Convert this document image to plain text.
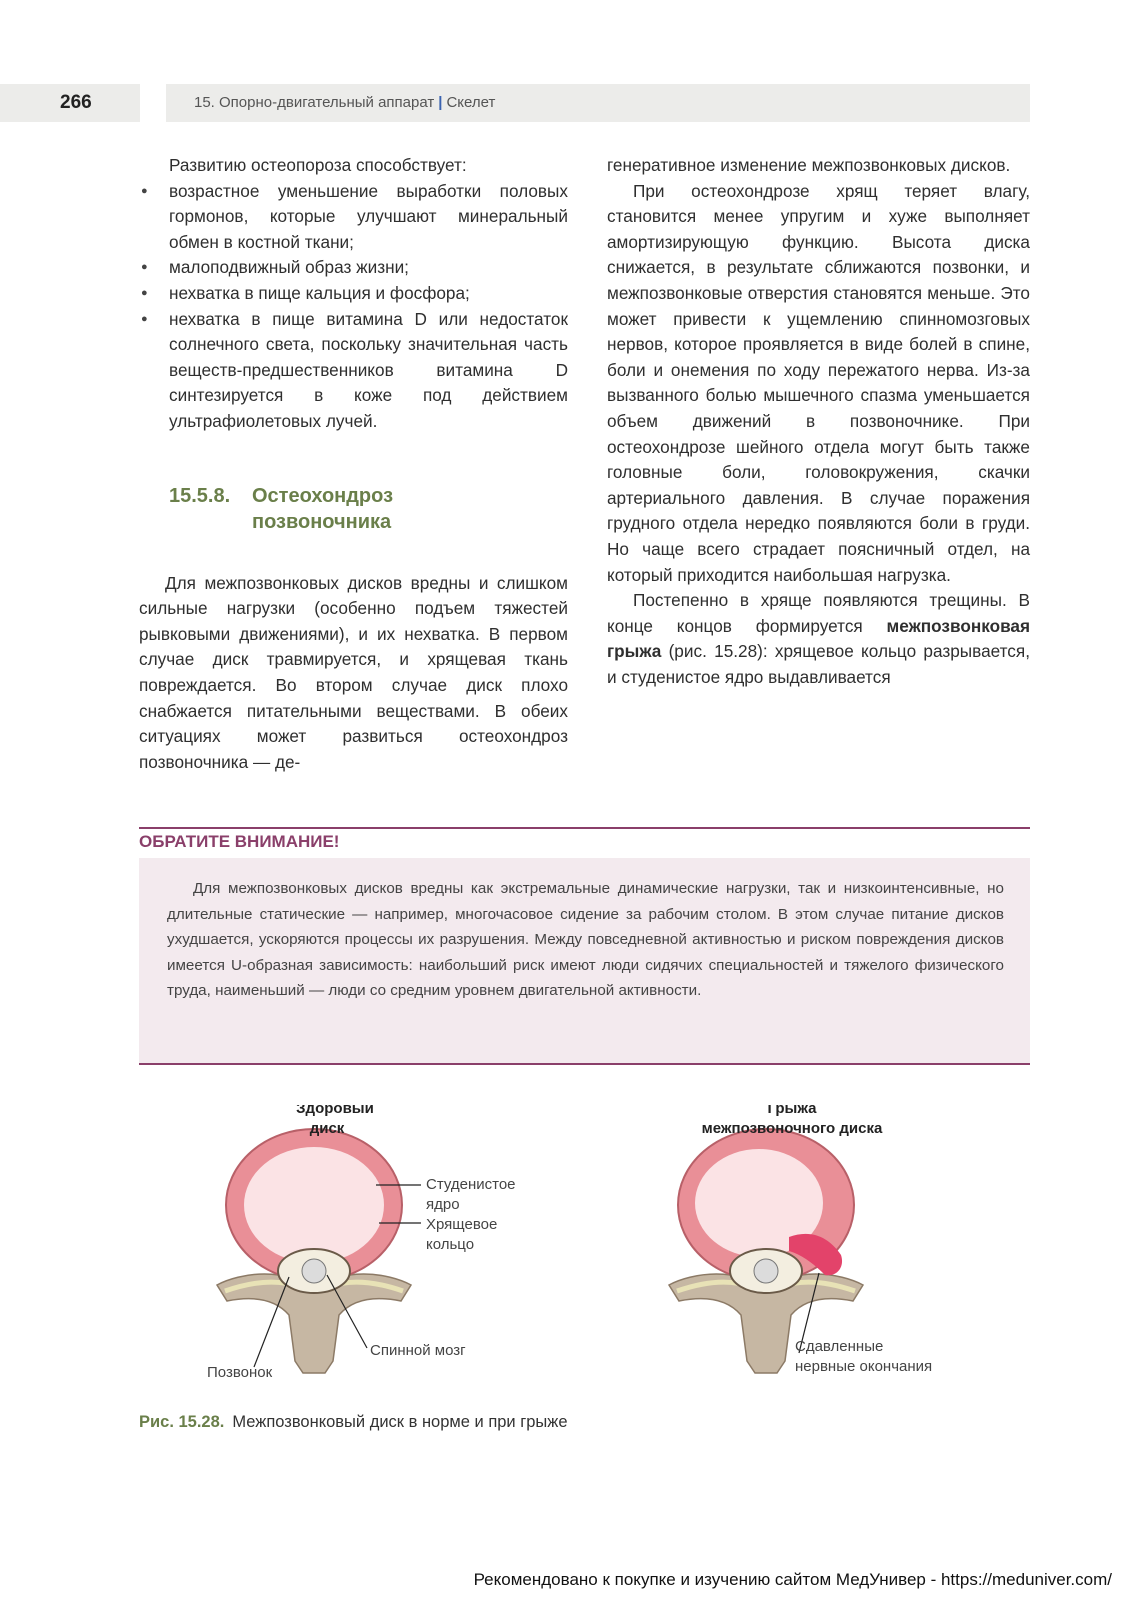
266	15. Опорно-двигательный аппарат | Скелет

Развитию остеопороза способствует:

● возрастное уменьшение выработки половых гормонов, которые улучшают минеральный обмен в костной ткани;
● малоподвижный образ жизни;
● нехватка в пище кальция и фосфора;
● нехватка в пище витамина D или недостаток солнечного света, поскольку значительная часть веществ-предшественников витамина D синтезируется в коже под действием ультрафиолетовых лучей.
15.5.8. Остеохондроз
позвоночника

Для межпозвонковых дисков вредны и слишком сильные нагрузки (особенно подъем тяжестей рывковыми движениями), и их нехватка. В первом случае диск травмируется, и хрящевая ткань повреждается. Во втором случае диск плохо снабжается питательными веществами. В обеих ситуациях может развиться остеохондроз позвоночника — де-

генеративное изменение межпозвонковых дисков.

При остеохондрозе хрящ теряет влагу, становится менее упругим и хуже выполняет амортизирующую функцию. Высота диска снижается, в результате сближаются позвонки, и межпозвонковые отверстия становятся меньше. Это может привести к ущемлению спинномозговых нервов, которое проявляется в виде болей в спине, боли и онемения по ходу пережатого нерва. Из-за вызванного болью мышечного спазма уменьшается объем движений в позвоночнике. При остеохондрозе шейного отдела могут быть также головные боли, головокружения, скачки артериального давления. В случае поражения грудного отдела нередко появляются боли в груди. Но чаще всего страдает поясничный отдел, на который приходится наибольшая нагрузка.

Постепенно в хряще появляются трещины. В конце концов формируется межпозвонковая грыжа (рис. 15.28): хрящевое кольцо разрывается, и студенистое ядро выдавливается

ОБРАТИТЕ ВНИМАНИЕ!

Для межпозвонковых дисков вредны как экстремальные динамические нагрузки, так и низкоинтенсивные, но длительные статические — например, многочасовое сидение за рабочим столом. В этом случае питание дисков ухудшается, ускоряются процессы их разрушения. Между повседневной активностью и риском повреждения дисков имеется U-образная зависимость: наибольший риск имеют люди сидячих специальностей и тяжелого физического труда, наименьший — люди со средним уровнем двигательной активности.

Здоровый
диск
Грыжа
межпозвоночного диска
Студенистое
ядро
Хрящевое
кольцо
Спинной мозг
Позвонок
Сдавленные
нервные окончания
Рис. 15.28. Межпозвонковый диск в норме и при грыже
Рекомендовано к покупке и изучению сайтом МедУнивер - https://meduniver.com/
